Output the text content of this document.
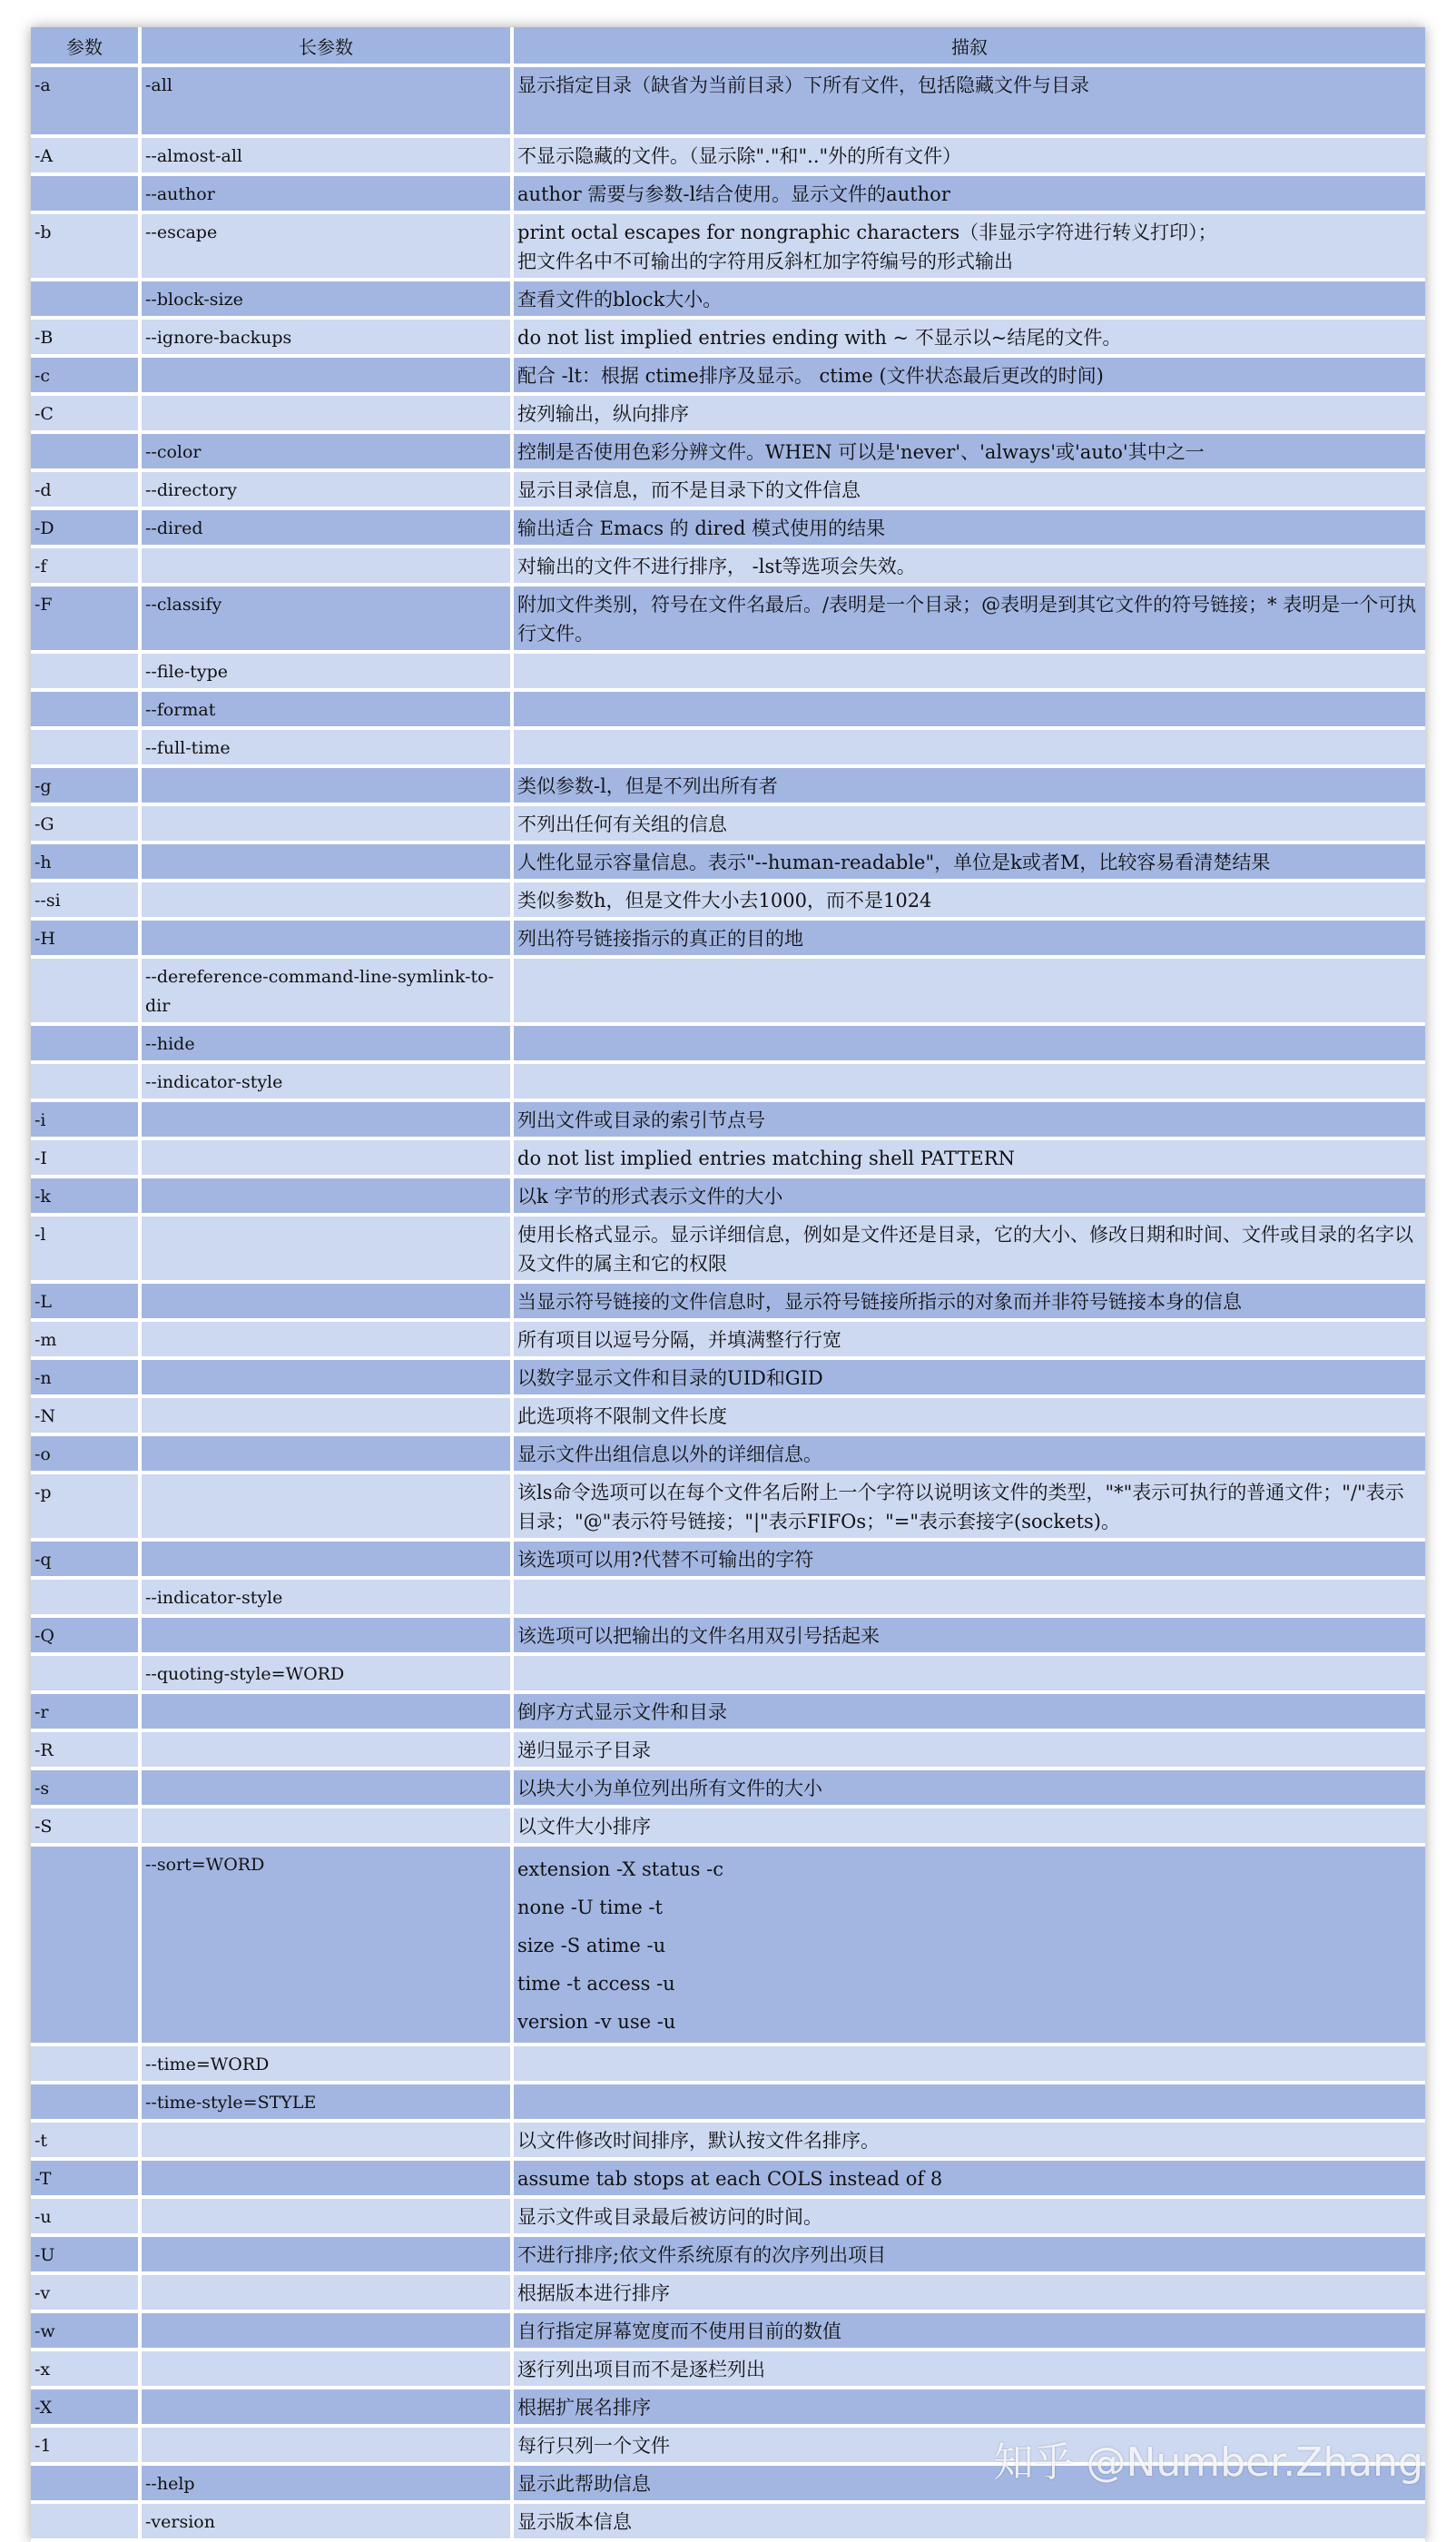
参数	长参数	描叙
-a	-all	显示指定目录（缺省为当前目录）下所有文件，包括隐藏文件与目录
-A	--almost-all	不显示隐藏的文件。（显示除"."和".."外的所有文件）
	--author	author 需要与参数-l结合使用。显示文件的author
-b	--escape	print octal escapes for nongraphic characters（非显示字符进行转义打印）；
把文件名中不可输出的字符用反斜杠加字符编号的形式输出
	--block-size	查看文件的block大小。
-B	--ignore-backups	do not list implied entries ending with ~ 不显示以~结尾的文件。
-c		配合 -lt：根据 ctime排序及显示。 ctime (文件状态最后更改的时间)
-C		按列输出，纵向排序
	--color	控制是否使用色彩分辨文件。WHEN 可以是'never'、'always'或'auto'其中之一
-d	--directory	显示目录信息，而不是目录下的文件信息
-D	--dired	输出适合 Emacs 的 dired 模式使用的结果
-f		对输出的文件不进行排序， -lst等选项会失效。
-F	--classify	附加文件类别，符号在文件名最后。/表明是一个目录；@表明是到其它文件的符号链接；* 表明是一个可执行文件。
	--file-type	
	--format	
	--full-time	
-g		类似参数-l，但是不列出所有者
-G		不列出任何有关组的信息
-h		人性化显示容量信息。表示"--human-readable"，单位是k或者M，比较容易看清楚结果
--si		类似参数h，但是文件大小去1000，而不是1024
-H		列出符号链接指示的真正的目的地
	--dereference-command-line-symlink-to-dir	
	--hide	
	--indicator-style	
-i		列出文件或目录的索引节点号
-I		do not list implied entries matching shell PATTERN
-k		以k 字节的形式表示文件的大小
-l		使用长格式显示。显示详细信息，例如是文件还是目录，它的大小、修改日期和时间、文件或目录的名字以及文件的属主和它的权限
-L		当显示符号链接的文件信息时，显示符号链接所指示的对象而并非符号链接本身的信息
-m		所有项目以逗号分隔，并填满整行行宽
-n		以数字显示文件和目录的UID和GID
-N		此选项将不限制文件长度
-o		显示文件出组信息以外的详细信息。
-p		该ls命令选项可以在每个文件名后附上一个字符以说明该文件的类型，"*"表示可执行的普通文件；"/"表示目录；"@"表示符号链接；"|"表示FIFOs；"="表示套接字(sockets)。
-q		该选项可以用?代替不可输出的字符
	--indicator-style	
-Q		该选项可以把输出的文件名用双引号括起来
	--quoting-style=WORD	
-r		倒序方式显示文件和目录
-R		递归显示子目录
-s		以块大小为单位列出所有文件的大小
-S		以文件大小排序
	--sort=WORD	extension -X status -c
none -U time -t
size -S atime -u
time -t access -u
version -v use -u

	--time=WORD	
	--time-style=STYLE	
-t		以文件修改时间排序，默认按文件名排序。
-T		assume tab stops at each COLS instead of 8
-u		显示文件或目录最后被访问的时间。
-U		不进行排序;依文件系统原有的次序列出项目
-v		根据版本进行排序
-w		自行指定屏幕宽度而不使用目前的数值
-x		逐行列出项目而不是逐栏列出
-X		根据扩展名排序
-1		每行只列一个文件
	--help	显示此帮助信息
	-version	显示版本信息
知乎 @Number.Zhang
